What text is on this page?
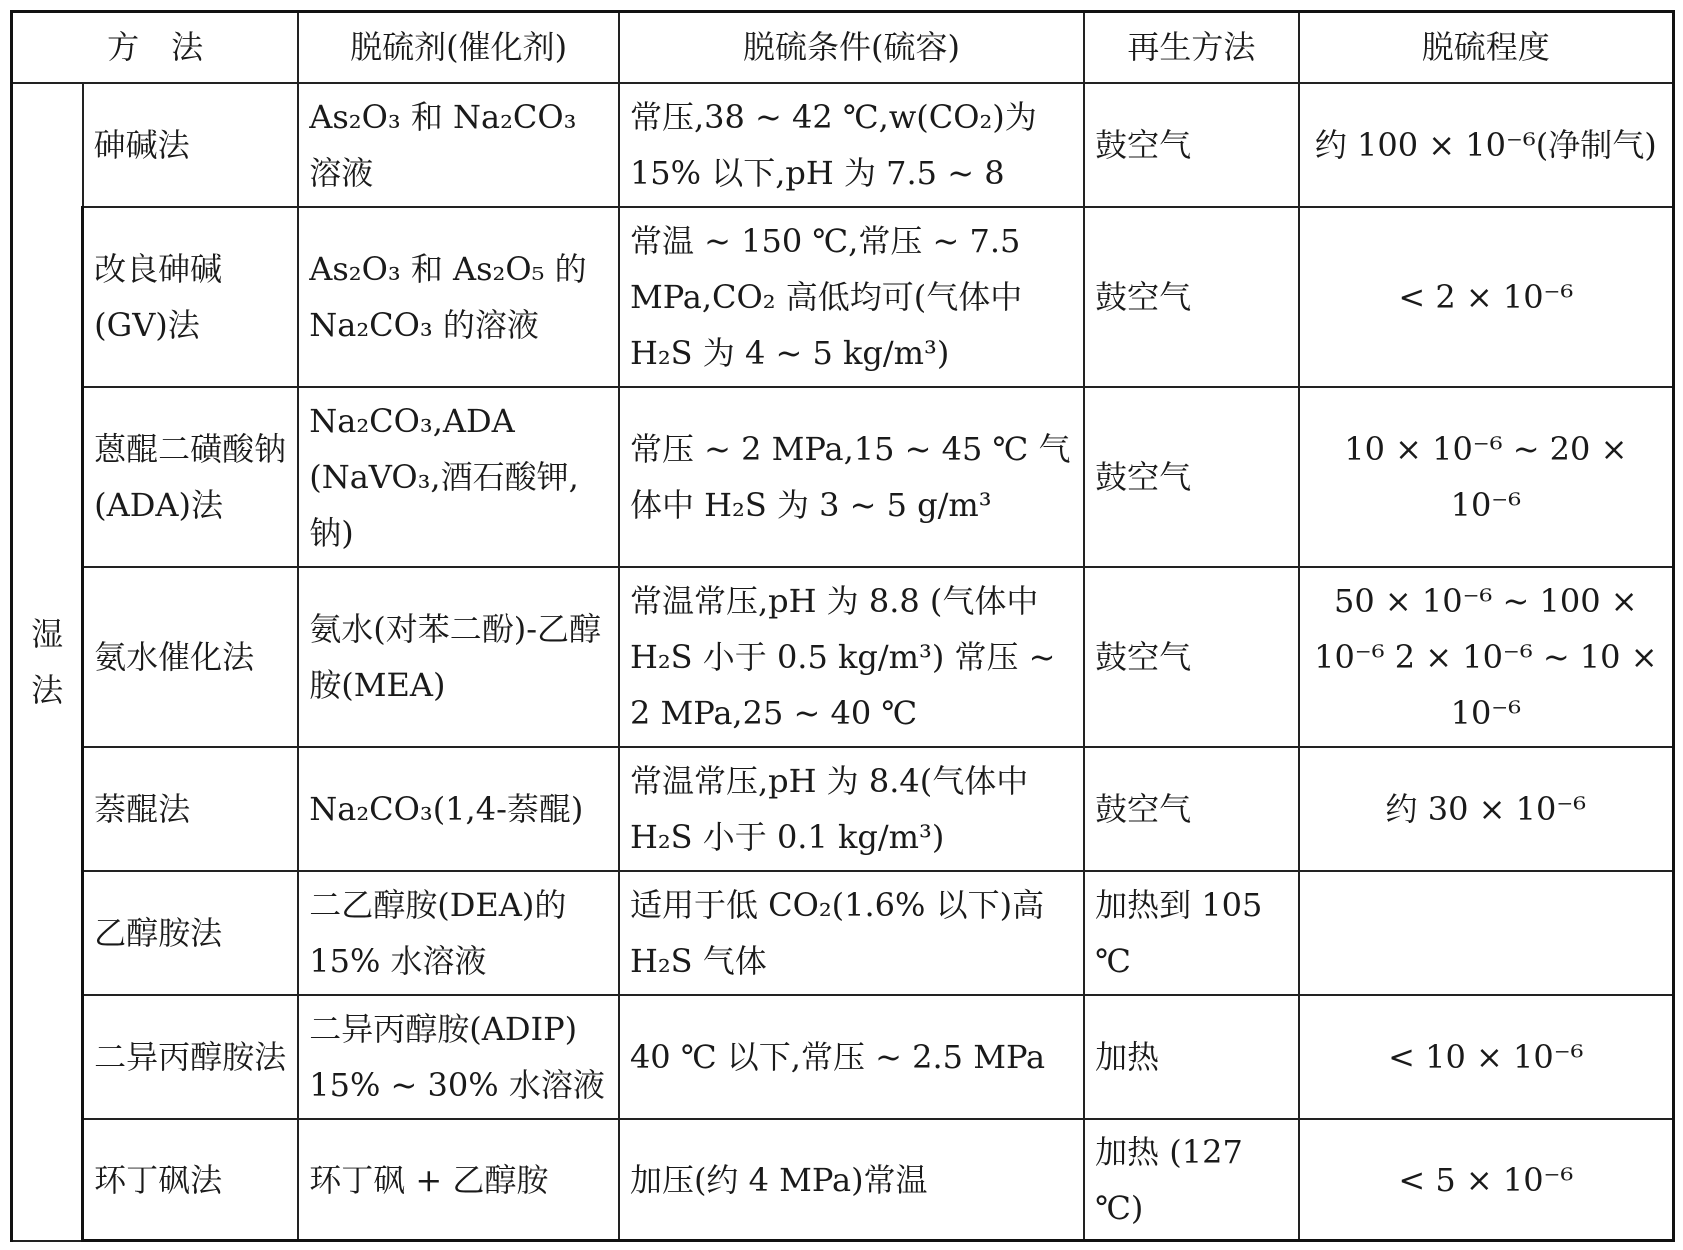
方　法		脱硫剂(催化剂)	脱硫条件(硫容)	再生方法	脱硫程度
湿法	砷碱法	As₂O₃ 和 Na₂CO₃ 溶液	常压,38 ~ 42 ℃,w(CO₂)为 15% 以下,pH 为 7.5 ~ 8	鼓空气	约 100 × 10⁻⁶(净制气)
	改良砷碱(GV)法	As₂O₃ 和 As₂O₅ 的 Na₂CO₃ 的溶液	常温 ~ 150 ℃,常压 ~ 7.5 MPa,CO₂ 高低均可(气体中 H₂S 为 4 ~ 5 kg/m³)	鼓空气	< 2 × 10⁻⁶
	蒽醌二磺酸钠(ADA)法	Na₂CO₃,ADA (NaVO₃,酒石酸钾,钠)	常压 ~ 2 MPa,15 ~ 45 ℃ 气体中 H₂S 为 3 ~ 5 g/m³	鼓空气	10 × 10⁻⁶ ~ 20 × 10⁻⁶
	氨水催化法	氨水(对苯二酚)-乙醇胺(MEA)	常温常压,pH 为 8.8 (气体中 H₂S 小于 0.5 kg/m³) 常压 ~ 2 MPa,25 ~ 40 ℃	鼓空气	50 × 10⁻⁶ ~ 100 × 10⁻⁶ 2 × 10⁻⁶ ~ 10 × 10⁻⁶
	萘醌法	Na₂CO₃(1,4-萘醌)	常温常压,pH 为 8.4(气体中 H₂S 小于 0.1 kg/m³)	鼓空气	约 30 × 10⁻⁶
	乙醇胺法	二乙醇胺(DEA)的 15% 水溶液	适用于低 CO₂(1.6% 以下)高 H₂S 气体	加热到 105 ℃	
	二异丙醇胺法	二异丙醇胺(ADIP) 15% ~ 30% 水溶液	40 ℃ 以下,常压 ~ 2.5 MPa	加热	< 10 × 10⁻⁶
	环丁砜法	环丁砜 + 乙醇胺	加压(约 4 MPa)常温	加热 (127 ℃)	< 5 × 10⁻⁶
